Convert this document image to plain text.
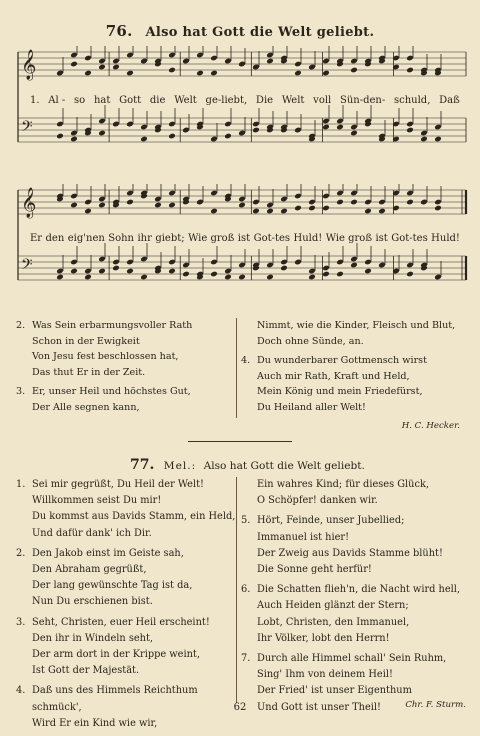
76. Also hat Gott die Welt geliebt.
𝄞
𝄢
1. Al - so hat Gott die Welt ge-liebt, Die Welt voll Sün-den- schuld, Daß
𝄞
𝄢
Er den eig'nen Sohn ihr giebt; Wie groß ist Got-tes Huld! Wie groß ist Got-tes Huld!
2. Was Sein erbarmungsvoller Rath
Schon in der Ewigkeit
Von Jesu fest beschlossen hat,
Das thut Er in der Zeit.
3. Er, unser Heil und höchstes Gut,
Der Alle segnen kann,
Nimmt, wie die Kinder, Fleisch und Blut,
Doch ohne Sünde, an.
4. Du wunderbarer Gottmensch wirst
Auch mir Rath, Kraft und Held,
Mein König und mein Friedefürst,
Du Heiland aller Welt!
H. C. Hecker.
77. Mel.: Also hat Gott die Welt geliebt.
1. Sei mir gegrüßt, Du Heil der Welt!
Willkommen seist Du mir!
Du kommst aus Davids Stamm, ein Held,
Und dafür dank' ich Dir.
2. Den Jakob einst im Geiste sah,
Den Abraham gegrüßt,
Der lang gewünschte Tag ist da,
Nun Du erschienen bist.
3. Seht, Christen, euer Heil erscheint!
Den ihr in Windeln seht,
Der arm dort in der Krippe weint,
Ist Gott der Majestät.
4. Daß uns des Himmels Reichthum schmück',
Wird Er ein Kind wie wir,
Ein wahres Kind; für dieses Glück,
O Schöpfer! danken wir.
5. Hört, Feinde, unser Jubellied;
Immanuel ist hier!
Der Zweig aus Davids Stamme blüht!
Die Sonne geht herfür!
6. Die Schatten flieh'n, die Nacht wird hell,
Auch Heiden glänzt der Stern;
Lobt, Christen, den Immanuel,
Ihr Völker, lobt den Herrn!
7. Durch alle Himmel schall' Sein Ruhm,
Sing' Ihm von deinem Heil!
Der Fried' ist unser Eigenthum
Und Gott ist unser Theil!
62	Chr. F. Sturm.
